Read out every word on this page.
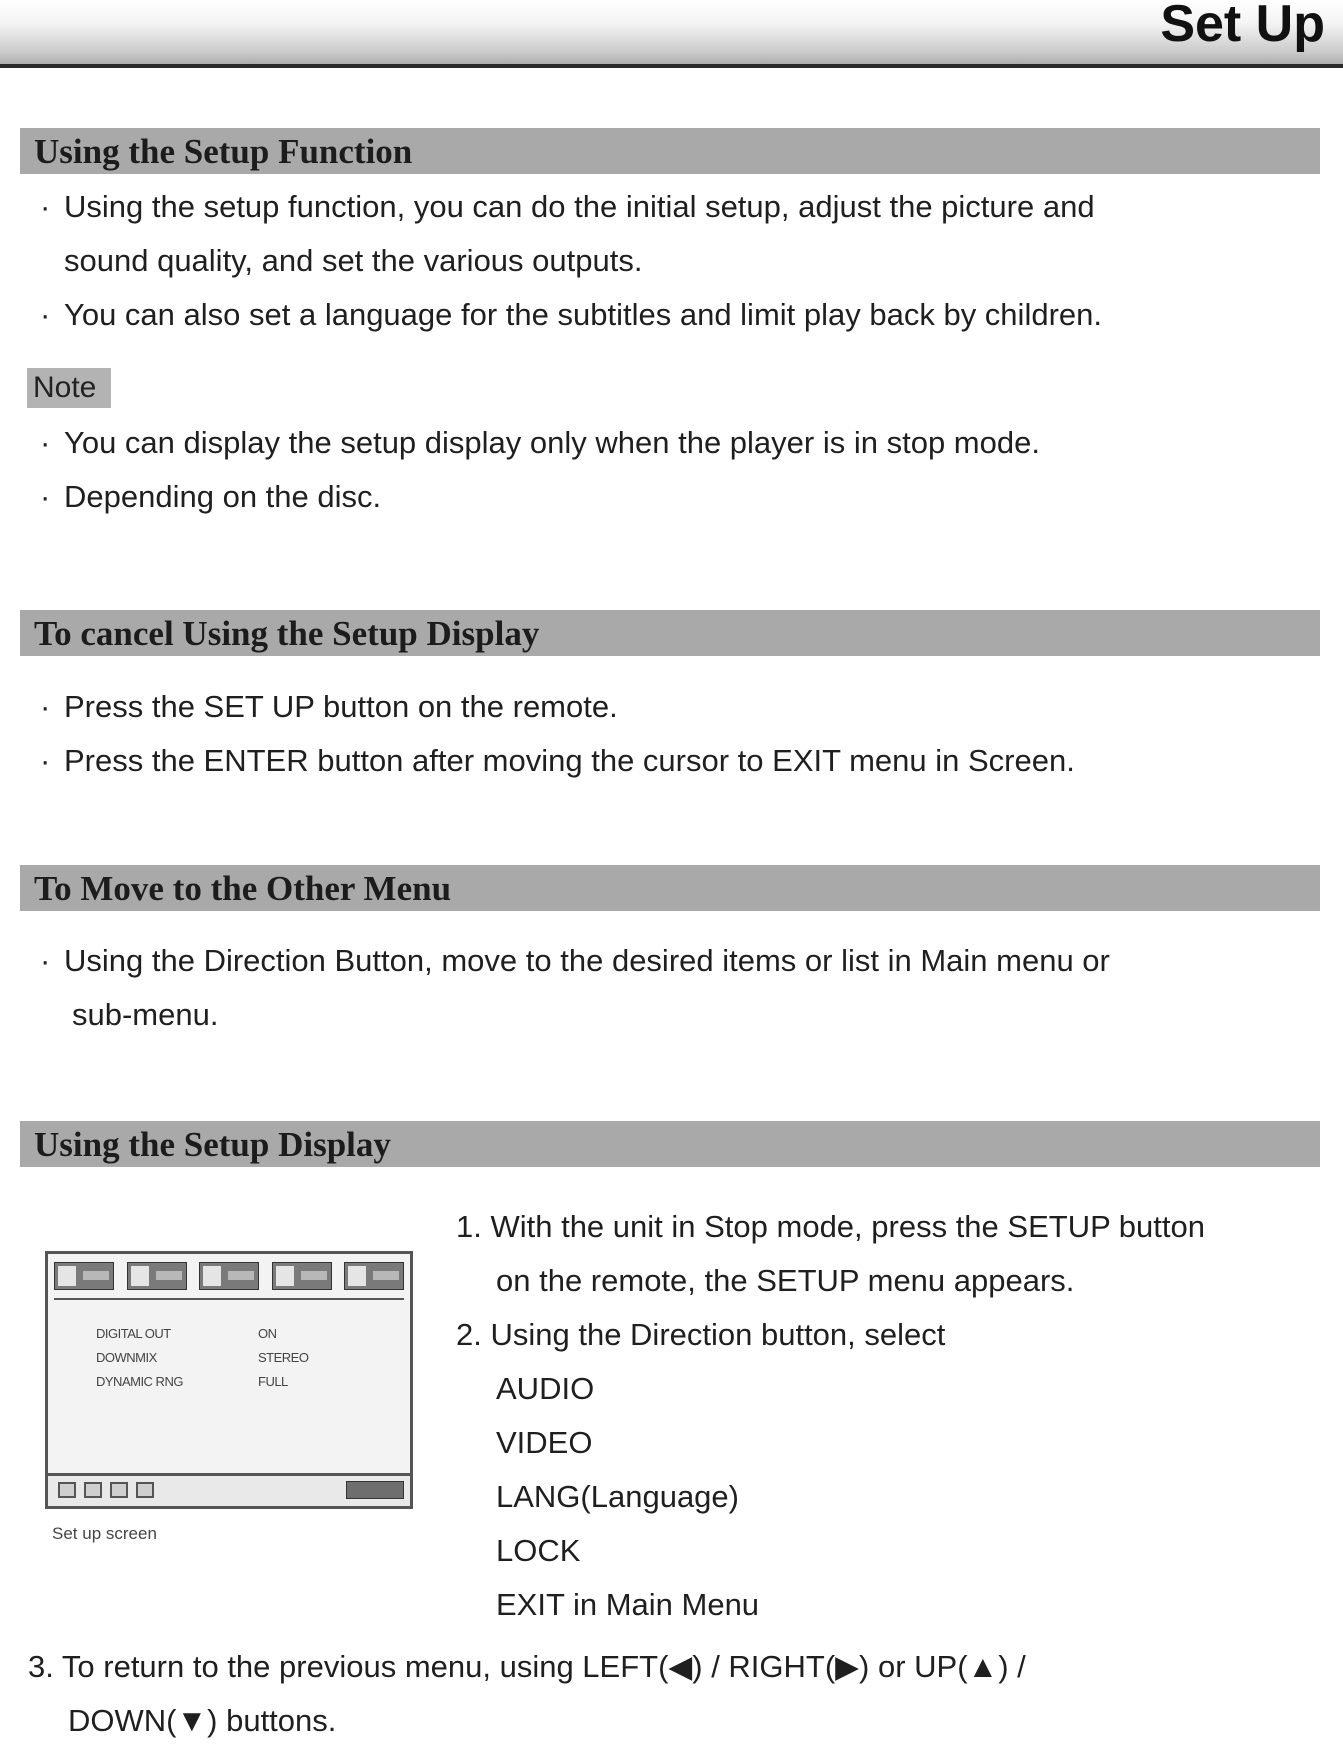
Set Up
Using the Setup Function
· Using the setup function, you can do the initial setup, adjust the picture and
sound quality, and set the various outputs.
· You can also set a language for the subtitles and limit play back by children.
Note
· You can display the setup display only when the player is in stop mode.
· Depending on the disc.
To cancel Using the Setup Display
· Press the SET UP button on the remote.
· Press the ENTER button after moving the cursor to EXIT menu in Screen.
To Move to the Other Menu
· Using the Direction Button, move to the desired items or list in Main menu or
sub-menu.
Using the Setup Display
DIGITAL OUT	ON
DOWNMIX	STEREO
DYNAMIC RNG	FULL
Set up screen
1. With the unit in Stop mode, press the SETUP button
on the remote, the SETUP menu appears.
2. Using the Direction button, select
AUDIO
VIDEO
LANG(Language)
LOCK
EXIT in Main Menu
3. To return to the previous menu, using LEFT(◀) / RIGHT(▶) or UP(▲) /
DOWN(▼) buttons.
